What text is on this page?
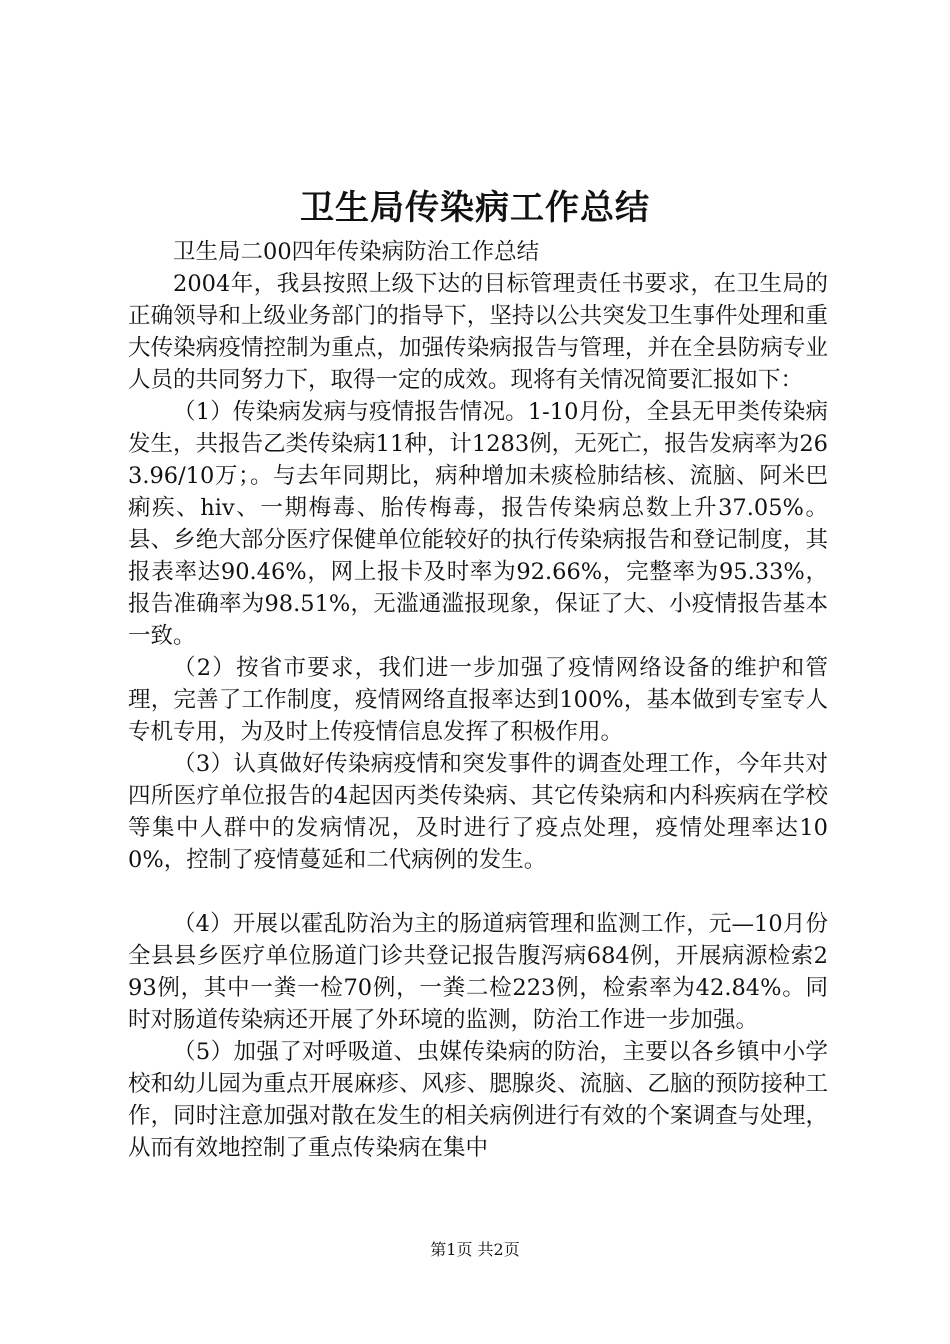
卫生局传染病工作总结

卫生局二00四年传染病防治工作总结

2004年，我县按照上级下达的目标管理责任书要求，在卫生局的正确领导和上级业务部门的指导下，坚持以公共突发卫生事件处理和重大传染病疫情控制为重点，加强传染病报告与管理，并在全县防病专业人员的共同努力下，取得一定的成效。现将有关情况简要汇报如下：

（1）传染病发病与疫情报告情况。1-10月份，全县无甲类传染病发生，共报告乙类传染病11种，计1283例，无死亡，报告发病率为263.96/10万；。与去年同期比，病种增加未痰检肺结核、流脑、阿米巴痢疾、hiv、一期梅毒、胎传梅毒，报告传染病总数上升37.05%。县、乡绝大部分医疗保健单位能较好的执行传染病报告和登记制度，其报表率达90.46%，网上报卡及时率为92.66%，完整率为95.33%，报告准确率为98.51%，无滥通滥报现象，保证了大、小疫情报告基本一致。

（2）按省市要求，我们进一步加强了疫情网络设备的维护和管理，完善了工作制度，疫情网络直报率达到100%，基本做到专室专人专机专用，为及时上传疫情信息发挥了积极作用。

（3）认真做好传染病疫情和突发事件的调查处理工作，今年共对四所医疗单位报告的4起因丙类传染病、其它传染病和内科疾病在学校等集中人群中的发病情况，及时进行了疫点处理，疫情处理率达100%，控制了疫情蔓延和二代病例的发生。

（4）开展以霍乱防治为主的肠道病管理和监测工作，元—10月份全县县乡医疗单位肠道门诊共登记报告腹泻病684例，开展病源检索293例，其中一粪一检70例，一粪二检223例，检索率为42.84%。同时对肠道传染病还开展了外环境的监测，防治工作进一步加强。

（5）加强了对呼吸道、虫媒传染病的防治，主要以各乡镇中小学校和幼儿园为重点开展麻疹、风疹、腮腺炎、流脑、乙脑的预防接种工作，同时注意加强对散在发生的相关病例进行有效的个案调查与处理，从而有效地控制了重点传染病在集中

第1页 共2页
